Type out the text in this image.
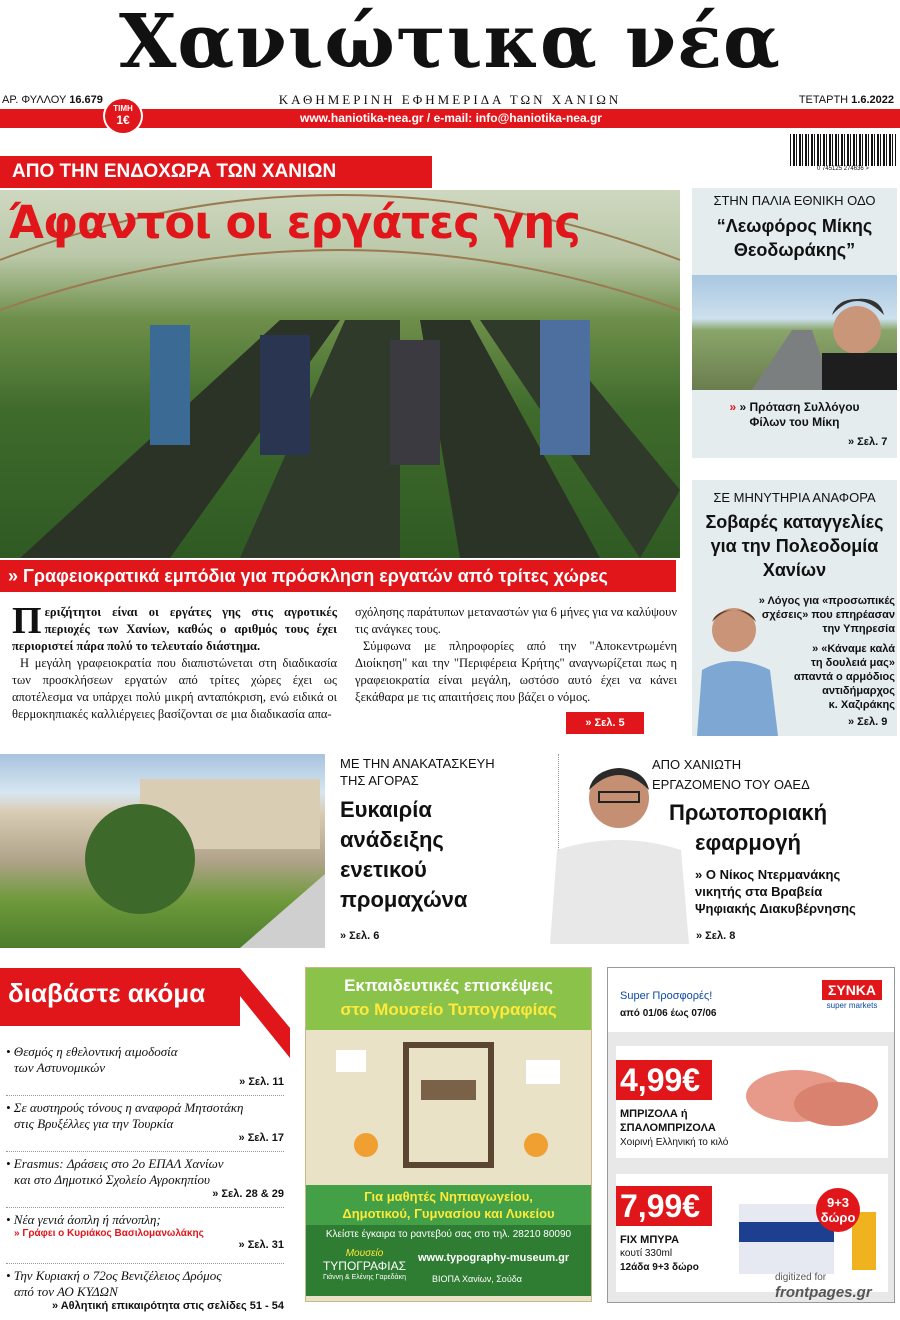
Χανιώτικα νέα
ΑΡ. ΦΥΛΛΟΥ 16.679	ΚΑΘΗΜΕΡΙΝΗ ΕΦΗΜΕΡΙΔΑ ΤΩΝ ΧΑΝΙΩΝ	ΤΕΤΑΡΤΗ 1.6.2022
www.haniotika-nea.gr / e-mail: info@haniotika-nea.gr
ΤΙΜΗ
1€
0 745125 274636 >
ΑΠΟ ΤΗΝ ΕΝΔΟΧΩΡΑ ΤΩΝ ΧΑΝΙΩΝ
Άφαντοι οι εργάτες γης
» Γραφειοκρατικά εμπόδια για πρόσκληση εργατών από τρίτες χώρες
Π εριζήτητοι είναι οι εργάτες γης στις αγροτικές περιοχές των Χανίων, καθώς ο αριθμός τους έχει περιοριστεί πάρα πολύ το τελευταίο διάστημα.

Η μεγάλη γραφειοκρατία που διαπιστώνεται στη διαδικασία των προσκλήσεων εργατών από τρίτες χώρες έχει ως αποτέλεσμα να υπάρχει πολύ μικρή ανταπόκριση, ενώ ειδικά οι θερμοκηπιακές καλλιέργειες βασίζονται σε μια διαδικασία απα-

σχόλησης παράτυπων μεταναστών για 6 μήνες για να καλύψουν τις ανάγκες τους.

Σύμφωνα με πληροφορίες από την "Αποκεντρωμένη Διοίκηση" και την "Περιφέρεια Κρήτης" αναγνωρίζεται πως η γραφειοκρατία είναι μεγάλη, ωστόσο αυτό έχει να κάνει ξεκάθαρα με τις απαιτήσεις που βάζει ο νόμος.

» Σελ. 5
ΣΤΗΝ ΠΑΛΙΑ ΕΘΝΙΚΗ ΟΔΟ
“Λεωφόρος Μίκης
Θεοδωράκης”
» » Πρόταση Συλλόγου
Φίλων του Μίκη
» Σελ. 7
ΣΕ ΜΗΝΥΤΗΡΙΑ ΑΝΑΦΟΡΑ
Σοβαρές καταγγελίες
για την Πολεοδομία
Χανίων
» Λόγος για «προσωπικές
σχέσεις» που επηρέασαν
την Υπηρεσία
» «Κάναμε καλά
τη δουλειά μας»
απαντά ο αρμόδιος
αντιδήμαρχος
κ. Χαζιράκης
» Σελ. 9
ΜΕ ΤΗΝ ΑΝΑΚΑΤΑΣΚΕΥΗ
ΤΗΣ ΑΓΟΡΑΣ
Ευκαιρία
ανάδειξης
ενετικού
προμαχώνα
» Σελ. 6
ΑΠΟ ΧΑΝΙΩΤΗ
ΕΡΓΑΖΟΜΕΝΟ ΤΟΥ ΟΑΕΔ
Πρωτοποριακή
εφαρμογή
» Ο Νίκος Ντερμανάκης
νικητής στα Βραβεία
Ψηφιακής Διακυβέρνησης
» Σελ. 8
διαβάστε ακόμα
• Θεσμός η εθελοντική αιμοδοσία
των Αστυνομικών
» Σελ. 11
• Σε αυστηρούς τόνους η αναφορά Μητσοτάκη
στις Βρυξέλλες για την Τουρκία
» Σελ. 17
• Erasmus: Δράσεις στο 2ο ΕΠΑΛ Χανίων
και στο Δημοτικό Σχολείο Αγροκηπίου
» Σελ. 28 & 29
• Νέα γενιά άοπλη ή πάνοπλη;
» Γράφει ο Κυριάκος Βασιλομανωλάκης
» Σελ. 31
• Την Κυριακή ο 72ος Βενιζέλειος Δρόμος
από τον ΑΟ ΚΥΔΩΝ
» Αθλητική επικαιρότητα στις σελίδες 51 - 54
Εκπαιδευτικές επισκέψεις
στο Μουσείο Τυπογραφίας
Για μαθητές Νηπιαγωγείου,
Δημοτικού, Γυμνασίου και Λυκείου
Κλείστε έγκαιρα το ραντεβού σας στο τηλ. 28210 80090
Μουσείο
ΤΥΠΟΓΡΑΦΙΑΣ
Γιάννη & Ελένης Γαρεδάκη
www.typography-museum.gr
ΒΙΟΠΑ Χανίων, Σούδα
Super Προσφορές!
από 01/06 έως 07/06
ΣΥΝΚΑ
super markets
4,99€
ΜΠΡΙΖΟΛΑ ή
ΣΠΑΛΟΜΠΡΙΖΟΛΑ
Χοιρινή Ελληνική το κιλό
7,99€
FIX ΜΠΥΡΑ
κουτί 330ml
12άδα 9+3 δώρο
9+3
δώρο
digitized for
frontpages.gr
